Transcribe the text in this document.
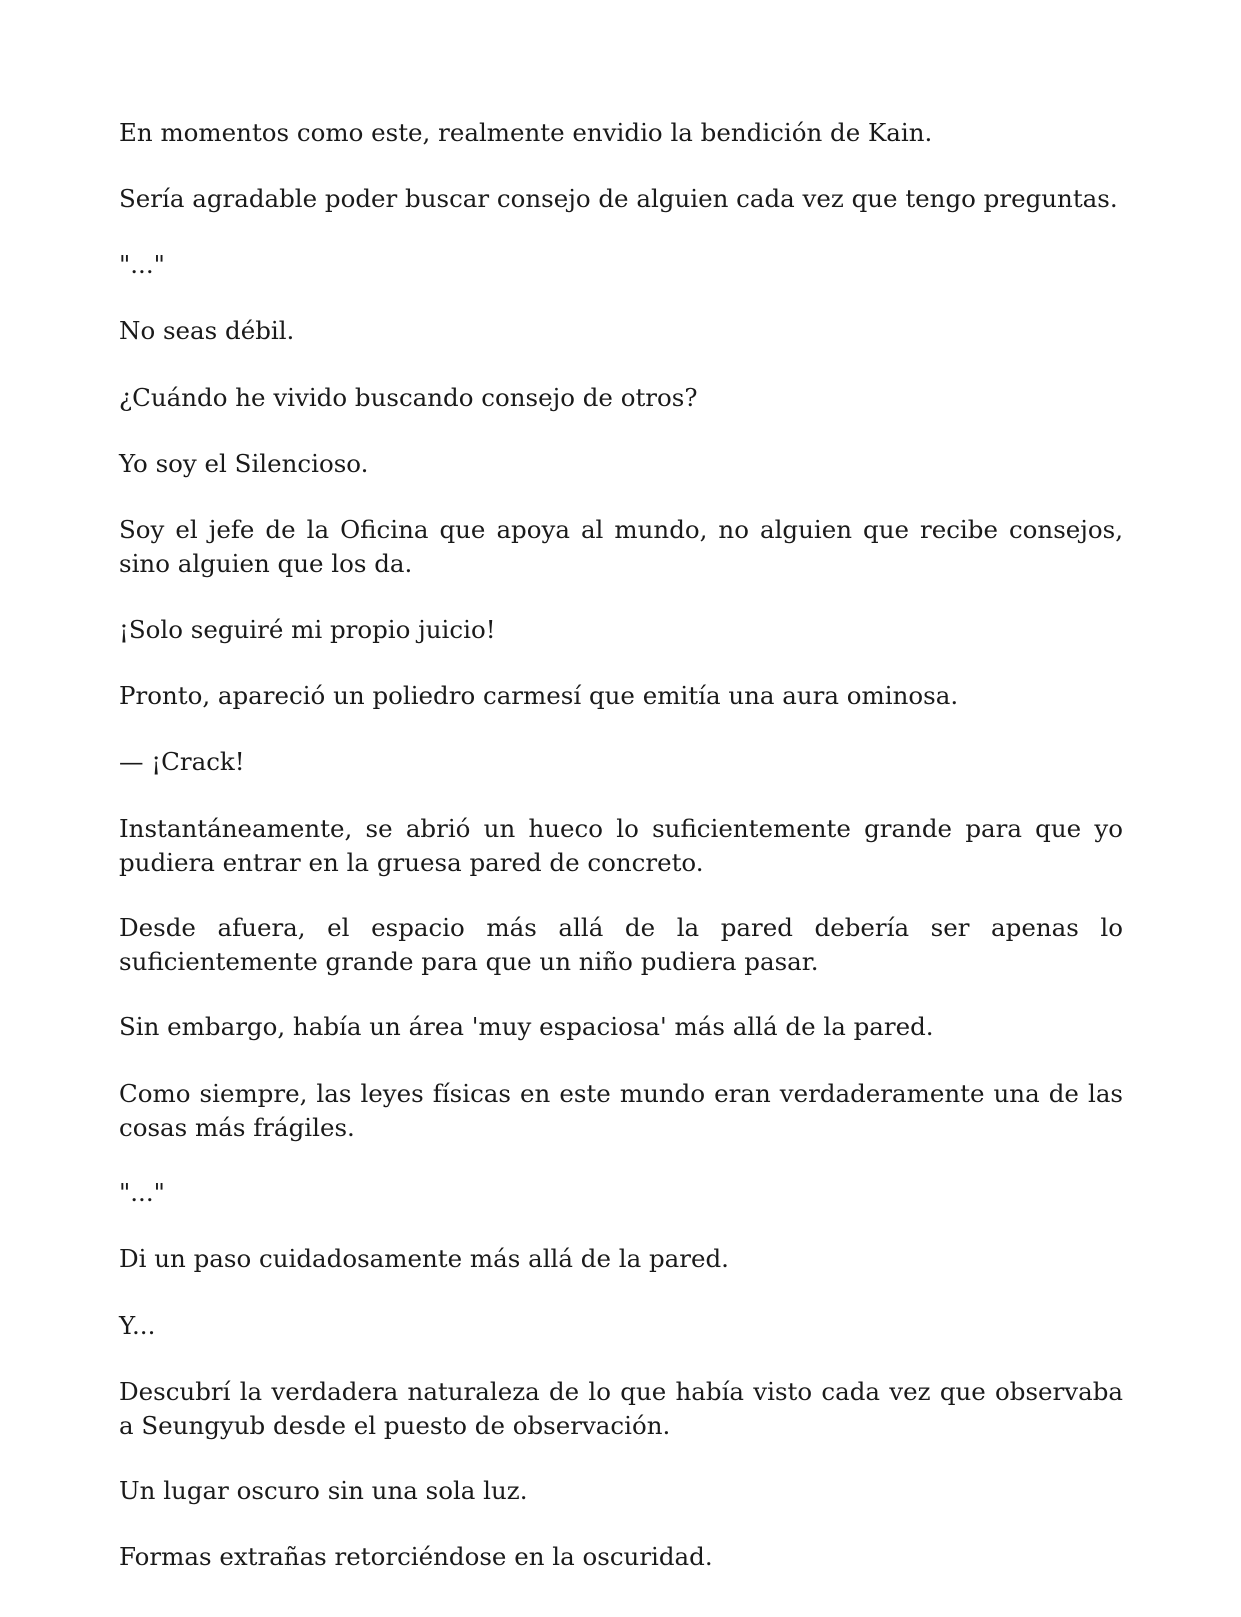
En momentos como este, realmente envidio la bendición de Kain.

Sería agradable poder buscar consejo de alguien cada vez que tengo preguntas.

"..."

No seas débil.

¿Cuándo he vivido buscando consejo de otros?

Yo soy el Silencioso.

Soy el jefe de la Oficina que apoya al mundo, no alguien que recibe consejos, sino alguien que los da.

¡Solo seguiré mi propio juicio!

Pronto, apareció un poliedro carmesí que emitía una aura ominosa.

— ¡Crack!

Instantáneamente, se abrió un hueco lo suficientemente grande para que yo pudiera entrar en la gruesa pared de concreto.

Desde afuera, el espacio más allá de la pared debería ser apenas lo suficientemente grande para que un niño pudiera pasar.

Sin embargo, había un área 'muy espaciosa' más allá de la pared.

Como siempre, las leyes físicas en este mundo eran verdaderamente una de las cosas más frágiles.

"..."

Di un paso cuidadosamente más allá de la pared.

Y...

Descubrí la verdadera naturaleza de lo que había visto cada vez que observaba a Seungyub desde el puesto de observación.

Un lugar oscuro sin una sola luz.

Formas extrañas retorciéndose en la oscuridad.
